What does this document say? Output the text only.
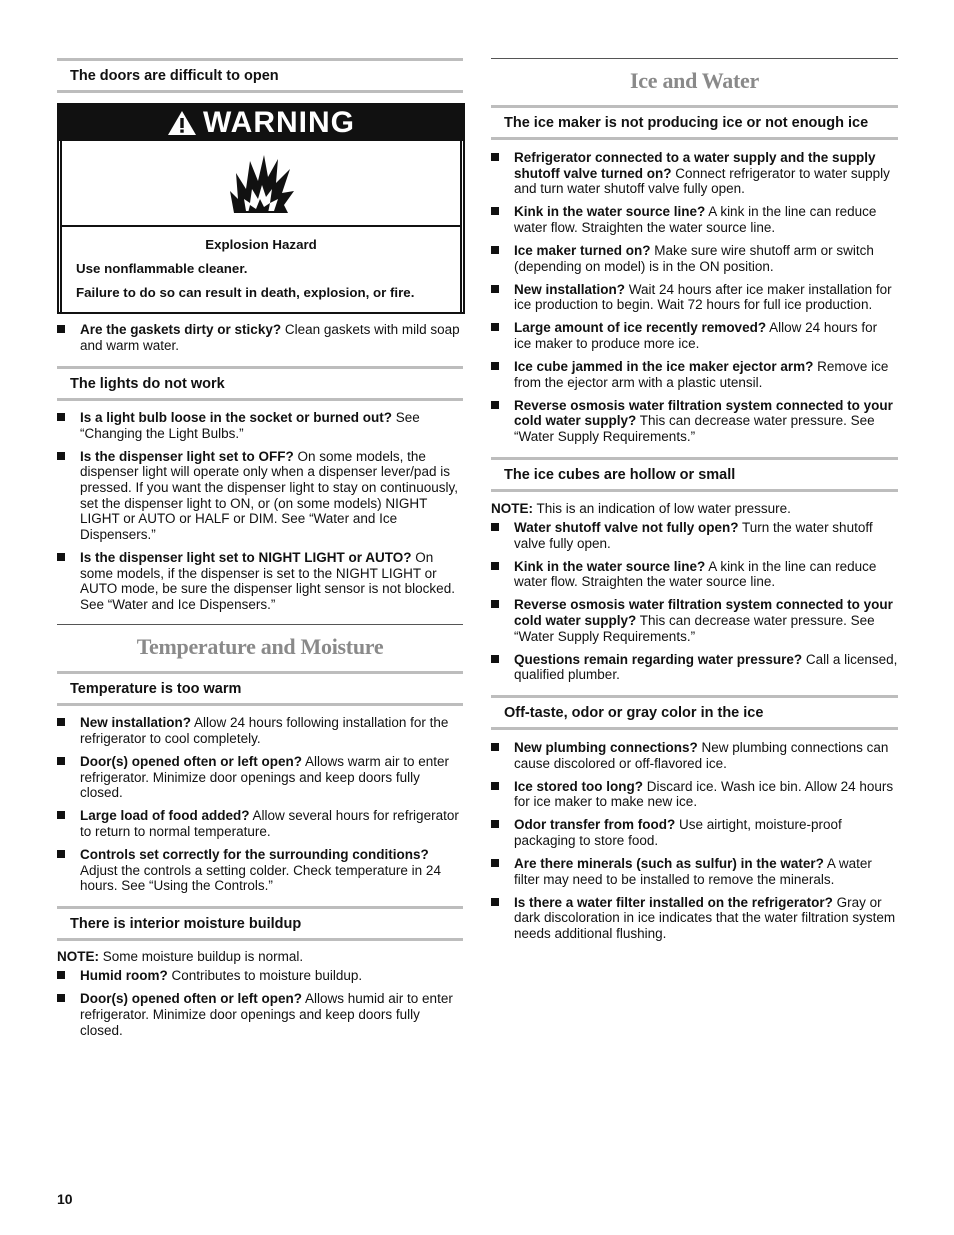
The doors are difficult to open
WARNING
Explosion Hazard

Use nonflammable cleaner.

Failure to do so can result in death, explosion, or fire.

Are the gaskets dirty or sticky? Clean gaskets with mild soap and warm water.
The lights do not work
Is a light bulb loose in the socket or burned out? See “Changing the Light Bulbs.”
Is the dispenser light set to OFF? On some models, the dispenser light will operate only when a dispenser lever/pad is pressed. If you want the dispenser light to stay on continuously, set the dispenser light to ON, or (on some models) NIGHT LIGHT or AUTO or HALF or DIM. See “Water and Ice Dispensers.”
Is the dispenser light set to NIGHT LIGHT or AUTO? On some models, if the dispenser is set to the NIGHT LIGHT or AUTO mode, be sure the dispenser light sensor is not blocked. See “Water and Ice Dispensers.”
Temperature and Moisture
Temperature is too warm
New installation? Allow 24 hours following installation for the refrigerator to cool completely.
Door(s) opened often or left open? Allows warm air to enter refrigerator. Minimize door openings and keep doors fully closed.
Large load of food added? Allow several hours for refrigerator to return to normal temperature.
Controls set correctly for the surrounding conditions? Adjust the controls a setting colder. Check temperature in 24 hours. See “Using the Controls.”
There is interior moisture buildup

NOTE: Some moisture buildup is normal.

Humid room? Contributes to moisture buildup.
Door(s) opened often or left open? Allows humid air to enter refrigerator. Minimize door openings and keep doors fully closed.
Ice and Water
The ice maker is not producing ice or not enough ice
Refrigerator connected to a water supply and the supply shutoff valve turned on? Connect refrigerator to water supply and turn water shutoff valve fully open.
Kink in the water source line? A kink in the line can reduce water flow. Straighten the water source line.
Ice maker turned on? Make sure wire shutoff arm or switch (depending on model) is in the ON position.
New installation? Wait 24 hours after ice maker installation for ice production to begin. Wait 72 hours for full ice production.
Large amount of ice recently removed? Allow 24 hours for ice maker to produce more ice.
Ice cube jammed in the ice maker ejector arm? Remove ice from the ejector arm with a plastic utensil.
Reverse osmosis water filtration system connected to your cold water supply? This can decrease water pressure. See “Water Supply Requirements.”
The ice cubes are hollow or small

NOTE: This is an indication of low water pressure.

Water shutoff valve not fully open? Turn the water shutoff valve fully open.
Kink in the water source line? A kink in the line can reduce water flow. Straighten the water source line.
Reverse osmosis water filtration system connected to your cold water supply? This can decrease water pressure. See “Water Supply Requirements.”
Questions remain regarding water pressure? Call a licensed, qualified plumber.
Off-taste, odor or gray color in the ice
New plumbing connections? New plumbing connections can cause discolored or off-flavored ice.
Ice stored too long? Discard ice. Wash ice bin. Allow 24 hours for ice maker to make new ice.
Odor transfer from food? Use airtight, moisture-proof packaging to store food.
Are there minerals (such as sulfur) in the water? A water filter may need to be installed to remove the minerals.
Is there a water filter installed on the refrigerator? Gray or dark discoloration in ice indicates that the water filtration system needs additional flushing.
10
